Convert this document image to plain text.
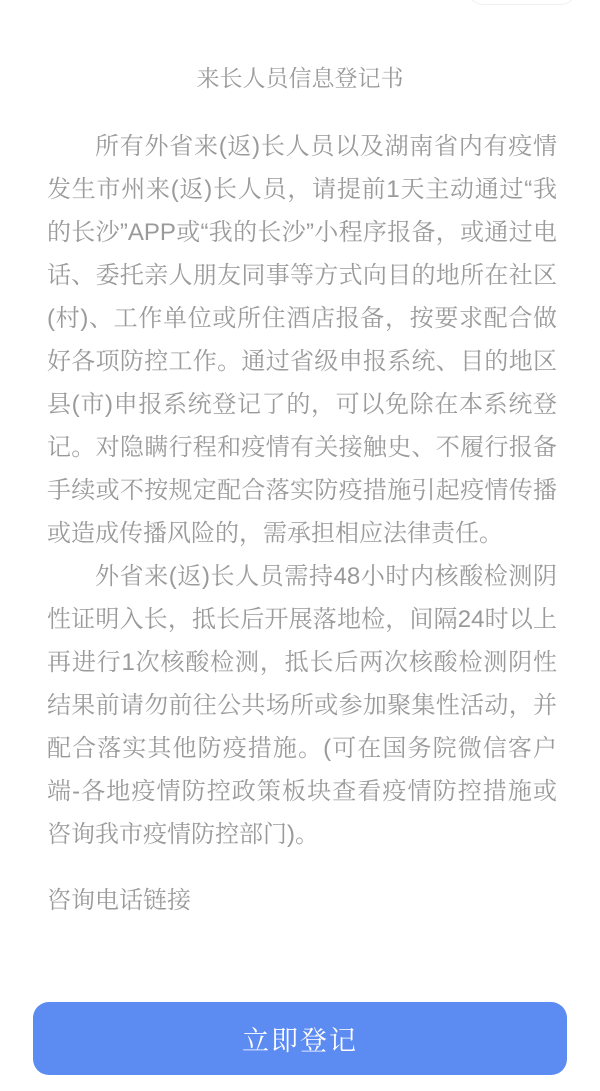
来长人员信息登记书

所有外省来(返)长人员以及湖南省内有疫情发生市州来(返)长人员，请提前1天主动通过“我的长沙”APP或“我的长沙”小程序报备，或通过电话、委托亲人朋友同事等方式向目的地所在社区(村)、工作单位或所住酒店报备，按要求配合做好各项防控工作。通过省级申报系统、目的地区县(市)申报系统登记了的，可以免除在本系统登记。对隐瞒行程和疫情有关接触史、不履行报备手续或不按规定配合落实防疫措施引起疫情传播或造成传播风险的，需承担相应法律责任。

外省来(返)长人员需持48小时内核酸检测阴性证明入长，抵长后开展落地检，间隔24时以上再进行1次核酸检测，抵长后两次核酸检测阴性结果前请勿前往公共场所或参加聚集性活动，并配合落实其他防疫措施。(可在国务院微信客户端-各地疫情防控政策板块查看疫情防控措施或咨询我市疫情防控部门)。

咨询电话链接
立即登记
